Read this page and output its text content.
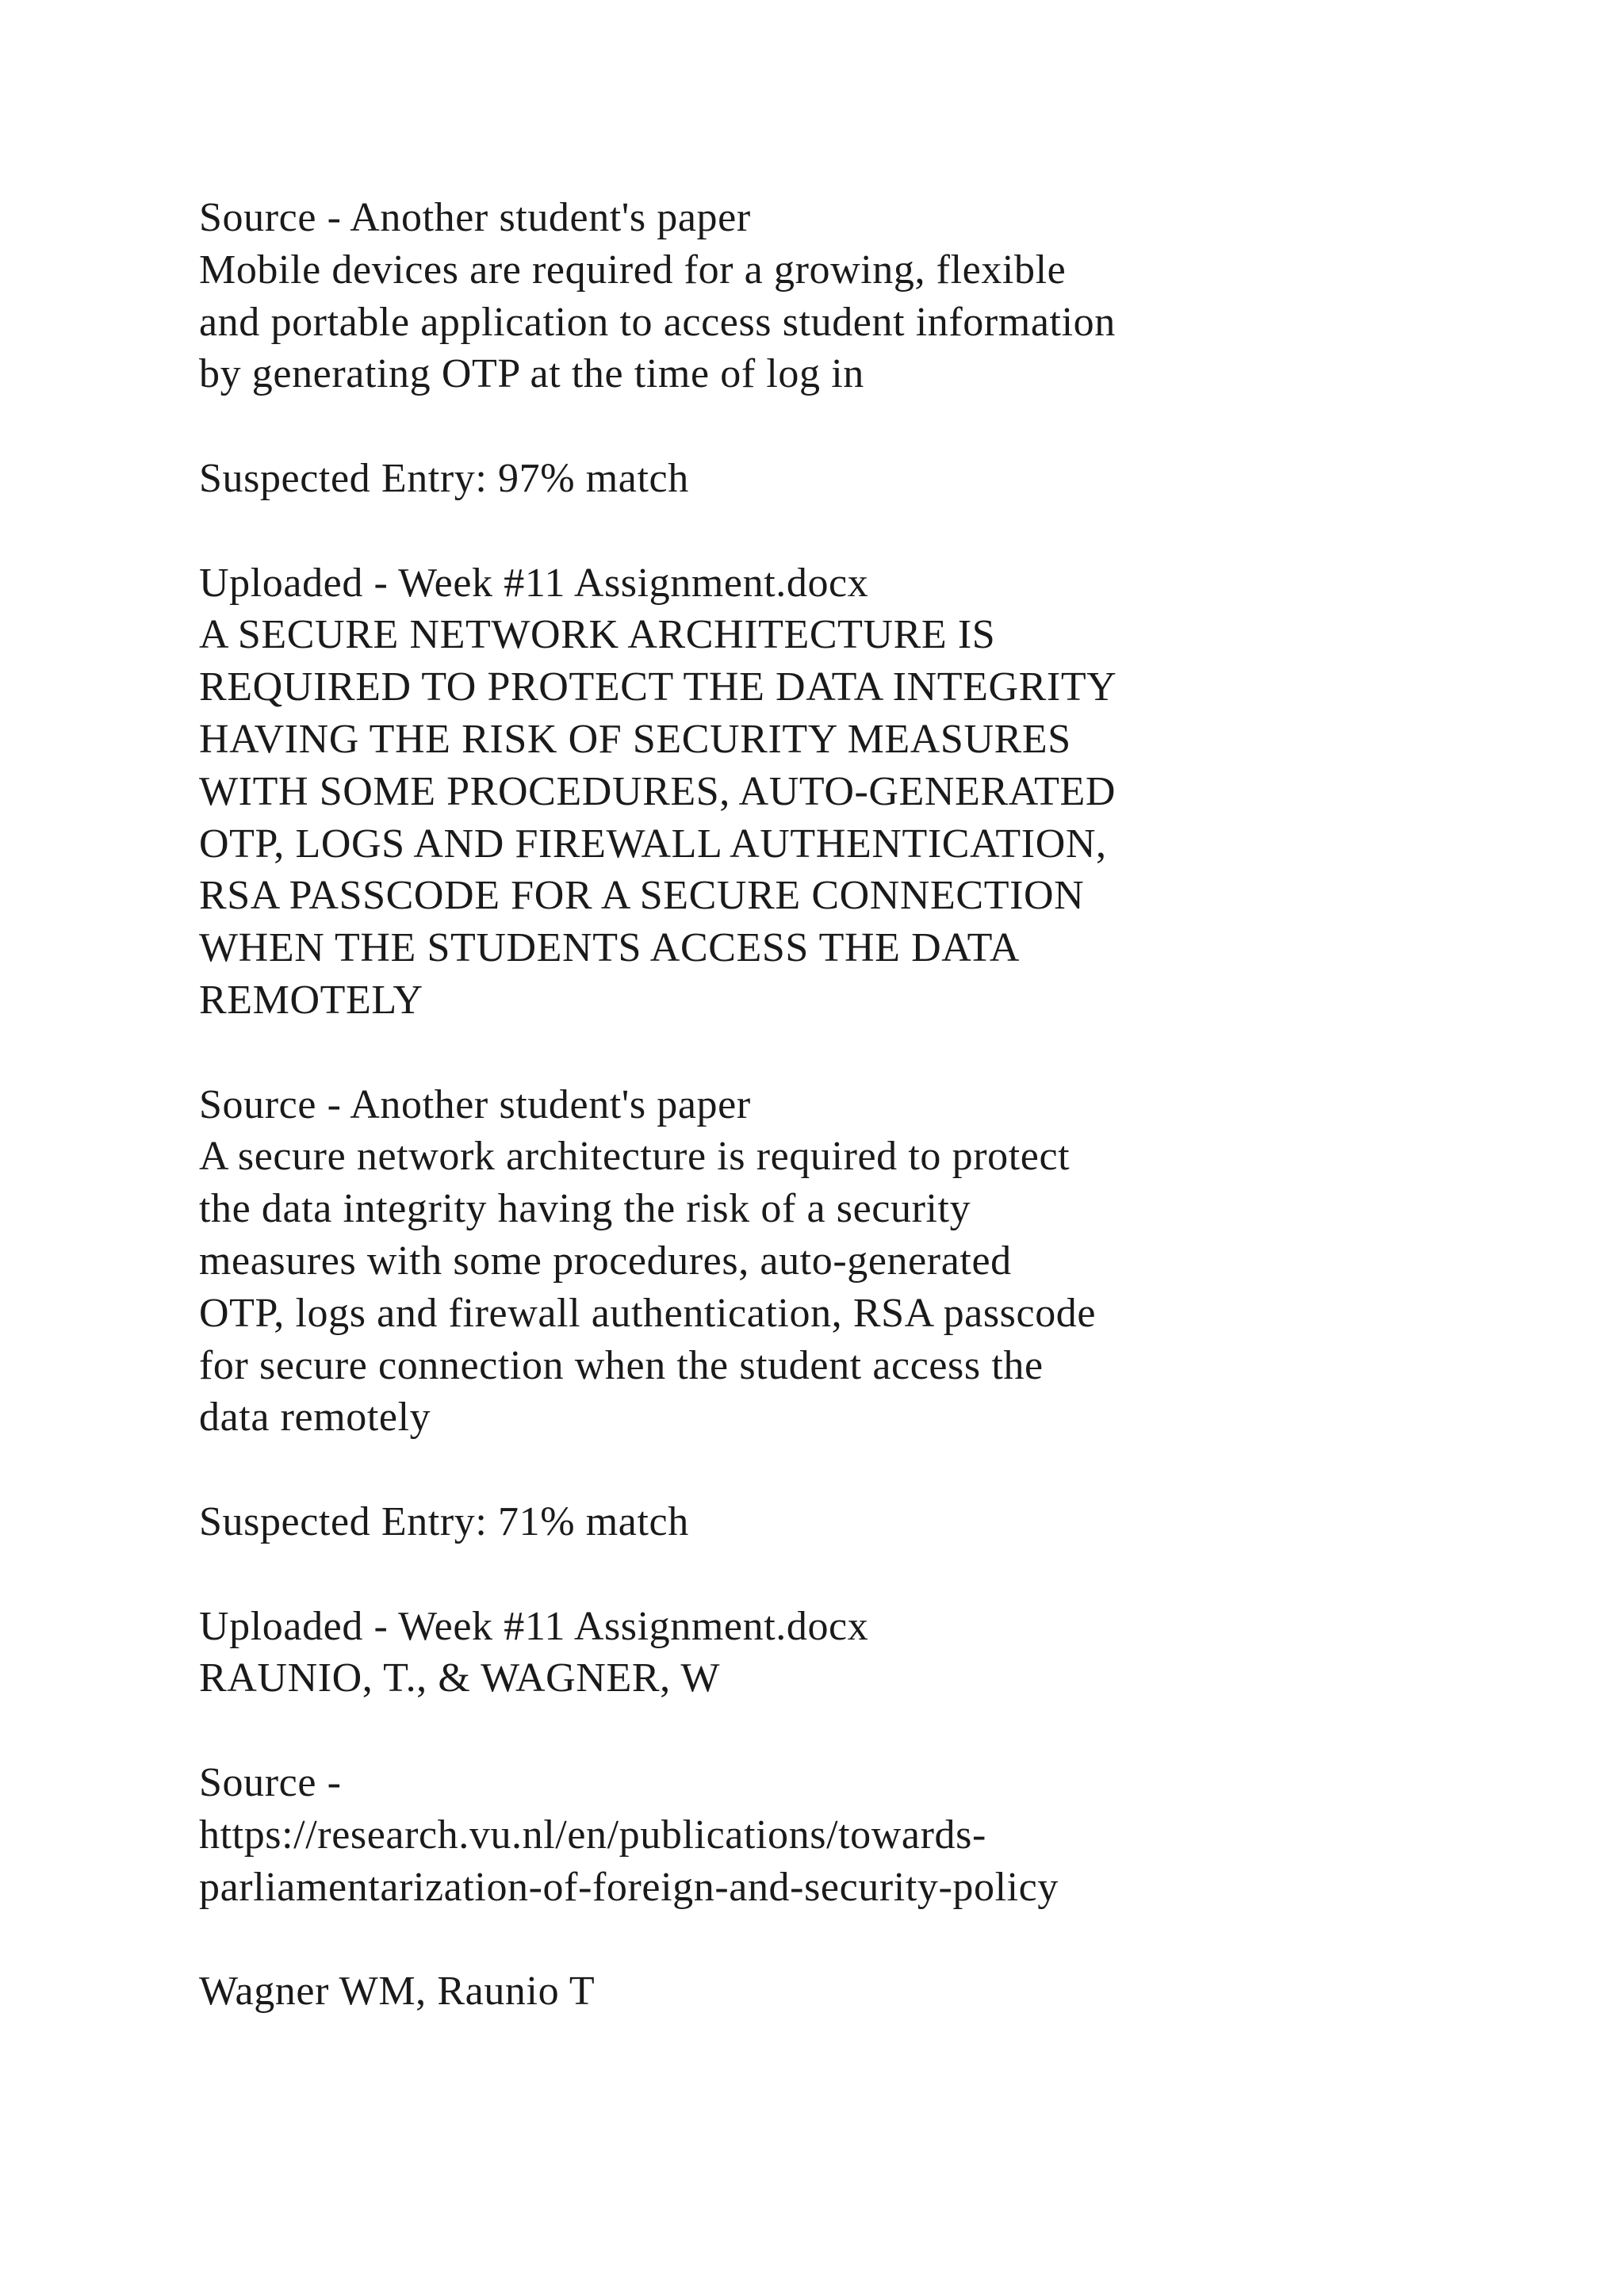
Source - Another student's paper
Mobile devices are required for a growing, flexible
and portable application to access student information
by generating OTP at the time of log in
Suspected Entry: 97% match
Uploaded - Week #11 Assignment.docx
A SECURE NETWORK ARCHITECTURE IS
REQUIRED TO PROTECT THE DATA INTEGRITY
HAVING THE RISK OF SECURITY MEASURES
WITH SOME PROCEDURES, AUTO-GENERATED
OTP, LOGS AND FIREWALL AUTHENTICATION,
RSA PASSCODE FOR A SECURE CONNECTION
WHEN THE STUDENTS ACCESS THE DATA
REMOTELY
Source - Another student's paper
A secure network architecture is required to protect
the data integrity having the risk of a security
measures with some procedures, auto-generated
OTP, logs and firewall authentication, RSA passcode
for secure connection when the student access the
data remotely
Suspected Entry: 71% match
Uploaded - Week #11 Assignment.docx
RAUNIO, T., & WAGNER, W
Source -
https://research.vu.nl/en/publications/towards-
parliamentarization-of-foreign-and-security-policy
Wagner WM, Raunio T
